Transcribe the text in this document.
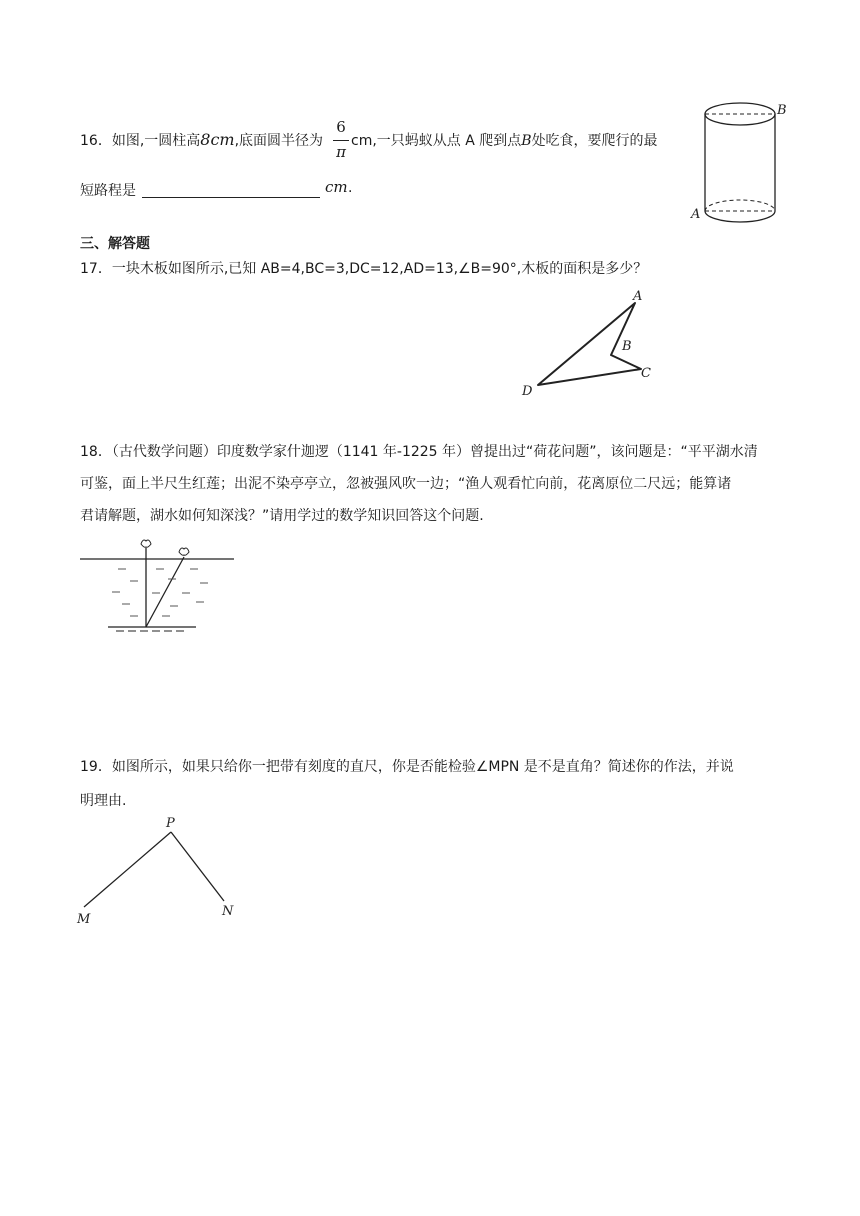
16．如图,一圆柱高8cm,底面圆半径为
6
π
cm,一只蚂蚁从点 A 爬到点B处吃食，要爬行的最
短路程是	cm .
B
A
三、解答题
17．一块木板如图所示,已知 AB=4,BC=3,DC=12,AD=13,∠B=90°,木板的面积是多少？
A
B
C
D
18．（古代数学问题）印度数学家什迦逻（1141 年-1225 年）曾提出过“荷花问题”，该问题是：“平平湖水清
可鉴，面上半尺生红莲；出泥不染亭亭立，忽被强风吹一边；“渔人观看忙向前，花离原位二尺远；能算诸
君请解题，湖水如何知深浅？”请用学过的数学知识回答这个问题.
19．如图所示，如果只给你一把带有刻度的直尺，你是否能检验∠MPN 是不是直角？简述你的作法，并说
明理由.
P
M
N
